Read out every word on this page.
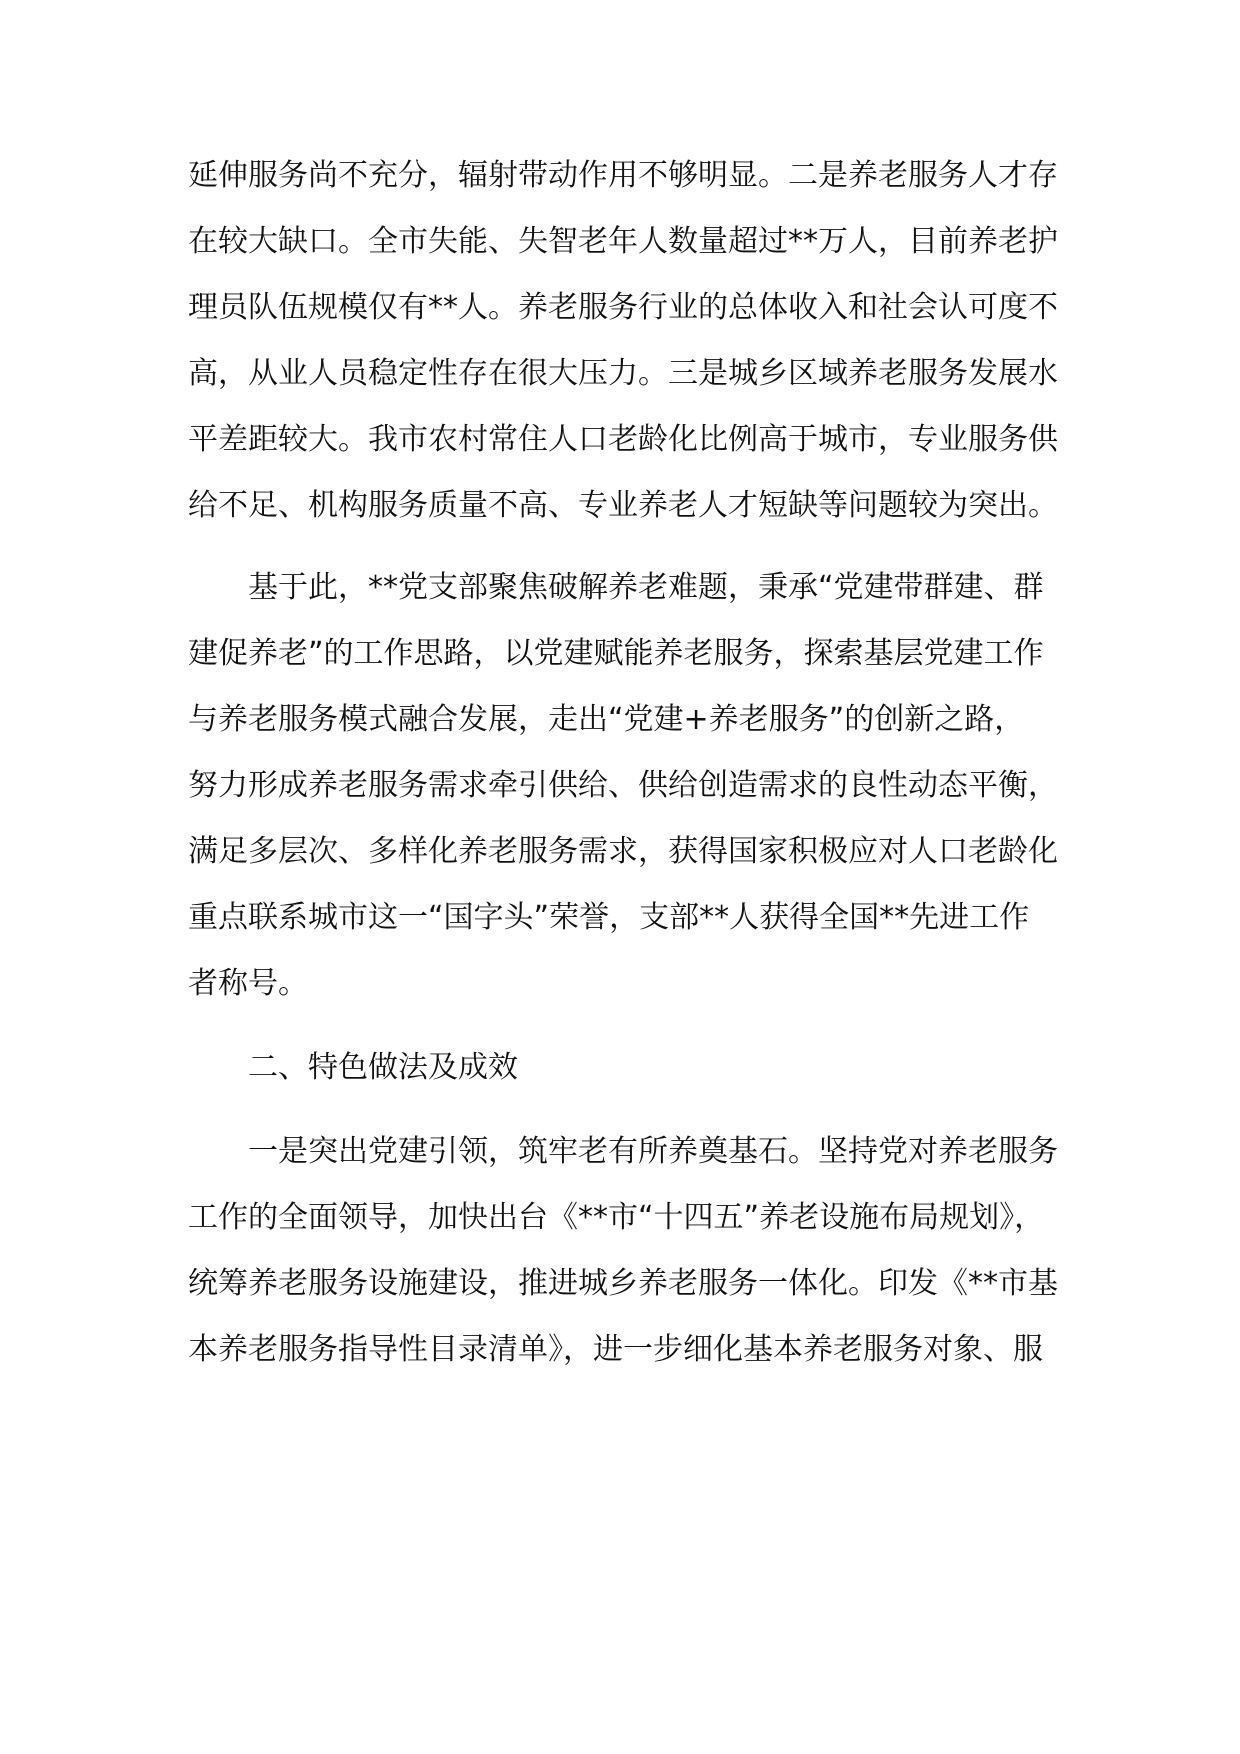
延伸服务尚不充分，辐射带动作用不够明显。二是养老服务人才存
在较大缺口。全市失能、失智老年人数量超过**万人，目前养老护
理员队伍规模仅有**人。养老服务行业的总体收入和社会认可度不
高，从业人员稳定性存在很大压力。三是城乡区域养老服务发展水
平差距较大。我市农村常住人口老龄化比例高于城市，专业服务供
给不足、机构服务质量不高、专业养老人才短缺等问题较为突出。
基于此，**党支部聚焦破解养老难题，秉承“党建带群建、群
建促养老”的工作思路，以党建赋能养老服务，探索基层党建工作
与养老服务模式融合发展，走出“党建+养老服务”的创新之路，
努力形成养老服务需求牵引供给、供给创造需求的良性动态平衡，
满足多层次、多样化养老服务需求，获得国家积极应对人口老龄化
重点联系城市这一“国字头”荣誉，支部**人获得全国**先进工作
者称号。
二、特色做法及成效
一是突出党建引领，筑牢老有所养奠基石。坚持党对养老服务
工作的全面领导，加快出台《**市“十四五”养老设施布局规划》，
统筹养老服务设施建设，推进城乡养老服务一体化。印发《**市基
本养老服务指导性目录清单》，进一步细化基本养老服务对象、服
